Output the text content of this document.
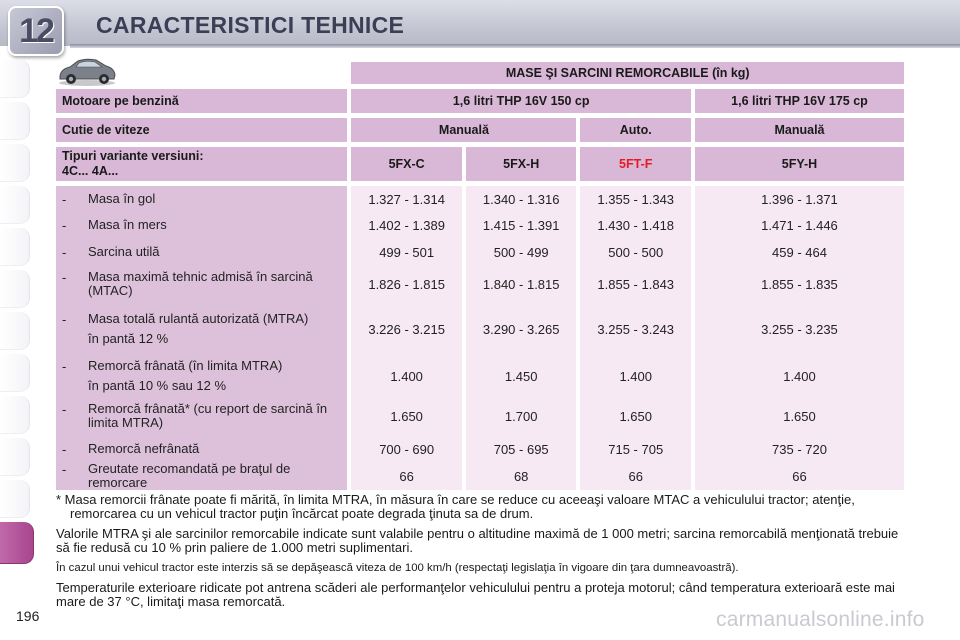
12	CARACTERISTICI TEHNICE
	MASE ŞI SARCINI REMORCABILE (în kg)			

Motoare pe benzină	1,6 litri THP 16V 150 cp			1,6 litri THP 16V 175 cp

Cutie de viteze	Manuală		Auto.	Manuală

Tipuri variante versiuni:
4C... 4A...	5FX-C	5FX-H	5FT-F	5FY-H

- Masa în gol	1.327 - 1.314	1.340 - 1.316	1.355 - 1.343	1.396 - 1.371
- Masa în mers	1.402 - 1.389	1.415 - 1.391	1.430 - 1.418	1.471 - 1.446
- Sarcina utilă	499 - 501	500 - 499	500 - 500	459 - 464
- Masa maximă tehnic admisă în sarcină (MTAC)	1.826 - 1.815	1.840 - 1.815	1.855 - 1.843	1.855 - 1.835
- Masa totală rulantă autorizată (MTRA)
în pantă 12 %	3.226 - 3.215	3.290 - 3.265	3.255 - 3.243	3.255 - 3.235
- Remorcă frânată (în limita MTRA)
în pantă 10 % sau 12 %	1.400	1.450	1.400	1.400
- Remorcă frânată* (cu report de sarcină în limita MTRA)	1.650	1.700	1.650	1.650
- Remorcă nefrânată	700 - 690	705 - 695	715 - 705	735 - 720
- Greutate recomandată pe braţul de remorcare	66	68	66	66

* Masa remorcii frânate poate fi mărită, în limita MTRA, în măsura în care se reduce cu aceeaşi valoare MTAC a vehiculului tractor; atenţie, remorcarea cu un vehicul tractor puţin încărcat poate degrada ţinuta sa de drum.

Valorile MTRA şi ale sarcinilor remorcabile indicate sunt valabile pentru o altitudine maximă de 1 000 metri; sarcina remorcabilă menţionată trebuie să fie redusă cu 10 % prin paliere de 1.000 metri suplimentari.

În cazul unui vehicul tractor este interzis să se depăşească viteza de 100 km/h (respectaţi legislaţia în vigoare din ţara dumneavoastră).

Temperaturile exterioare ridicate pot antrena scăderi ale performanţelor vehiculului pentru a proteja motorul; când temperatura exterioară este mai mare de 37 °C, limitaţi masa remorcată.

196	carmanualsonline.info
